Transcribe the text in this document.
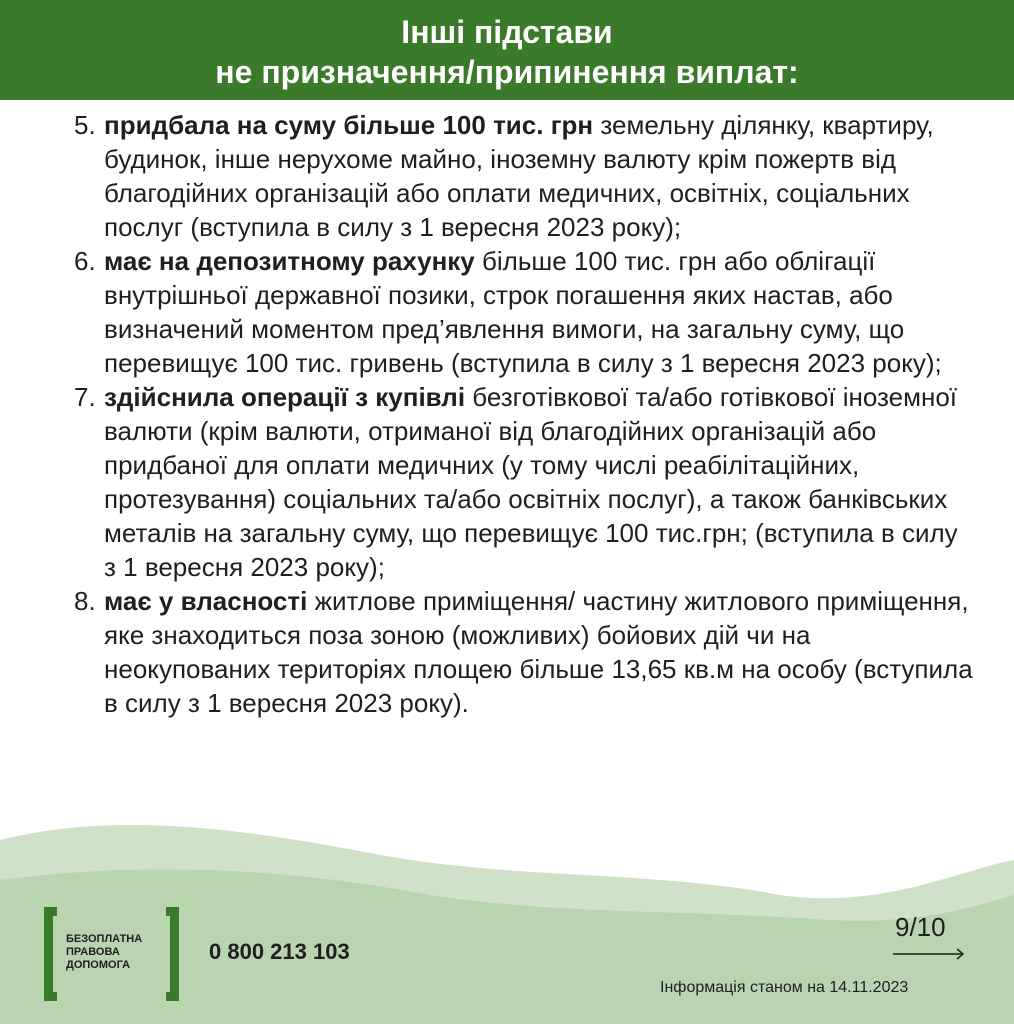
Інші підстави
не призначення/припинення виплат:
5. придбала на суму більше 100 тис. грн земельну ділянку, квартиру, будинок, інше нерухоме майно, іноземну валюту крім пожертв від благодійних організацій або оплати медичних, освітніх, соціальних послуг (вступила в силу з 1 вересня 2023 року);
6. має на депозитному рахунку більше 100 тис. грн або облігації внутрішньої державної позики, строк погашення яких настав, або визначений моментом пред’явлення вимоги, на загальну суму, що перевищує 100 тис. гривень (вступила в силу з 1 вересня 2023 року);
7. здійснила операції з купівлі безготівкової та/або готівкової іноземної валюти (крім валюти, отриманої від благодійних організацій або придбаної для оплати медичних (у тому числі реабілітаційних, протезування) соціальних та/або освітніх послуг), а також банківських металів на загальну суму, що перевищує 100 тис.грн; (вступила в силу з 1 вересня 2023 року);
8. має у власності житлове приміщення/ частину житлового приміщення, яке знаходиться поза зоною (можливих) бойових дій чи на неокупованих територіях площею більше 13,65 кв.м на особу (вступила в силу з 1 вересня 2023 року).
БЕЗОПЛАТНА
ПРАВОВА
ДОПОМОГА
0 800 213 103
9/10
Інформація станом на 14.11.2023
